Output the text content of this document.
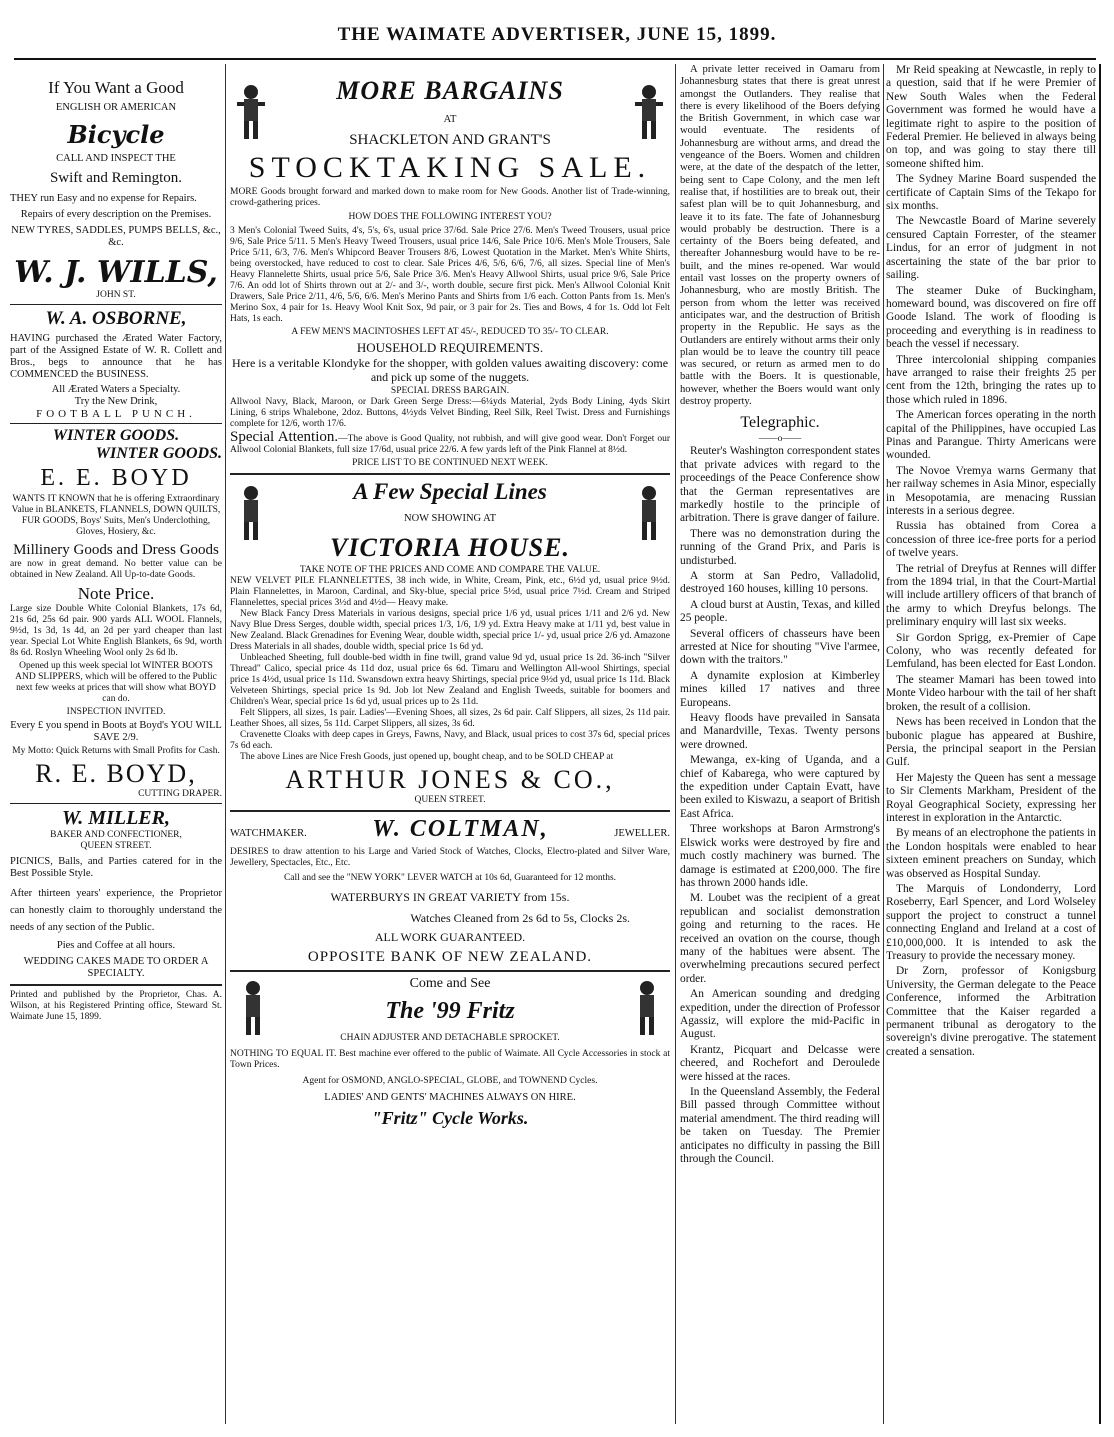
THE WAIMATE ADVERTISER, JUNE 15, 1899.
If You Want a Good
ENGLISH OR AMERICAN
Bicycle
CALL AND INSPECT THE
Swift and Remington.

THEY run Easy and no expense for Repairs.

Repairs of every description on the Premises.

NEW TYRES, SADDLES, PUMPS BELLS, &c., &c.

W. J. WILLS,
JOHN ST.
W. A. OSBORNE,

HAVING purchased the Ærated Water Factory, part of the Assigned Estate of W. R. Collett and Bros., begs to announce that he has COMMENCED the BUSINESS.

All Ærated Waters a Specialty.

Try the New Drink,

FOOTBALL PUNCH.

WINTER GOODS.
WINTER GOODS.
E. E. BOYD

WANTS IT KNOWN that he is offering Extraordinary Value in BLANKETS, FLANNELS, DOWN QUILTS, FUR GOODS, Boys' Suits, Men's Underclothing, Gloves, Hosiery, &c.

Millinery Goods and Dress Goods

are now in great demand. No better value can be obtained in New Zealand. All Up-to-date Goods.

Note Price.

Large size Double White Colonial Blankets, 17s 6d, 21s 6d, 25s 6d pair. 900 yards ALL WOOL Flannels, 9½d, 1s 3d, 1s 4d, an 2d per yard cheaper than last year. Special Lot White English Blankets, 6s 9d, worth 8s 6d. Roslyn Wheeling Wool only 2s 6d lb.

Opened up this week special lot WINTER BOOTS AND SLIPPERS, which will be offered to the Public next few weeks at prices that will show what BOYD can do.

INSPECTION INVITED.

Every £ you spend in Boots at Boyd's YOU WILL SAVE 2/9.

My Motto: Quick Returns with Small Profits for Cash.

R. E. BOYD,
CUTTING DRAPER.
W. MILLER,
BAKER AND CONFECTIONER,
QUEEN STREET.

PICNICS, Balls, and Parties catered for in the Best Possible Style.

After thirteen years' experience, the Proprietor can honestly claim to thoroughly understand the needs of any section of the Public.

Pies and Coffee at all hours.

WEDDING CAKES MADE TO ORDER A SPECIALTY.

Printed and published by the Proprietor, Chas. A. Wilson, at his Registered Printing office, Steward St. Waimate June 15, 1899.

MORE BARGAINS
AT
SHACKLETON AND GRANT'S
STOCKTAKING SALE.

MORE Goods brought forward and marked down to make room for New Goods. Another list of Trade-winning, crowd-gathering prices.

HOW DOES THE FOLLOWING INTEREST YOU?

3 Men's Colonial Tweed Suits, 4's, 5's, 6's, usual price 37/6d. Sale Price 27/6. Men's Tweed Trousers, usual price 9/6, Sale Price 5/11. 5 Men's Heavy Tweed Trousers, usual price 14/6, Sale Price 10/6. Men's Mole Trousers, Sale Price 5/11, 6/3, 7/6. Men's Whipcord Beaver Trousers 8/6, Lowest Quotation in the Market. Men's White Shirts, being overstocked, have reduced to cost to clear. Sale Prices 4/6, 5/6, 6/6, 7/6, all sizes. Special line of Men's Heavy Flannelette Shirts, usual price 5/6, Sale Price 3/6. Men's Heavy Allwool Shirts, usual price 9/6, Sale Price 7/6. An odd lot of Shirts thrown out at 2/- and 3/-, worth double, secure first pick. Men's Allwool Colonial Knit Drawers, Sale Price 2/11, 4/6, 5/6, 6/6. Men's Merino Pants and Shirts from 1/6 each. Cotton Pants from 1s. Men's Merino Sox, 4 pair for 1s. Heavy Wool Knit Sox, 9d pair, or 3 pair for 2s. Ties and Bows, 4 for 1s. Odd lot Felt Hats, 1s each.

A FEW MEN'S MACINTOSHES LEFT AT 45/-, REDUCED TO 35/- TO CLEAR.

HOUSEHOLD REQUIREMENTS.

Here is a veritable Klondyke for the shopper, with golden values awaiting discovery: come and pick up some of the nuggets.

SPECIAL DRESS BARGAIN.

Allwool Navy, Black, Maroon, or Dark Green Serge Dress:—6¼yds Material, 2yds Body Lining, 4yds Skirt Lining, 6 strips Whalebone, 2doz. Buttons, 4½yds Velvet Binding, Reel Silk, Reel Twist. Dress and Furnishings complete for 12/6, worth 17/6.

Special Attention.—The above is Good Quality, not rubbish, and will give good wear. Don't Forget our Allwool Colonial Blankets, full size 17/6d, usual price 22/6. A few yards left of the Pink Flannel at 8½d.

PRICE LIST TO BE CONTINUED NEXT WEEK.

A Few Special Lines
NOW SHOWING AT
VICTORIA HOUSE.

TAKE NOTE OF THE PRICES AND COME AND COMPARE THE VALUE.

NEW VELVET PILE FLANNELETTES, 38 inch wide, in White, Cream, Pink, etc., 6½d yd, usual price 9½d. Plain Flannelettes, in Maroon, Cardinal, and Sky-blue, special price 5½d, usual price 7½d. Cream and Striped Flannelettes, special prices 3½d and 4½d— Heavy make.

New Black Fancy Dress Materials in various designs, special price 1/6 yd, usual prices 1/11 and 2/6 yd. New Navy Blue Dress Serges, double width, special prices 1/3, 1/6, 1/9 yd. Extra Heavy make at 1/11 yd, best value in New Zealand. Black Grenadines for Evening Wear, double width, special price 1/- yd, usual price 2/6 yd. Amazone Dress Materials in all shades, double width, special price 1s 6d yd.

Unbleached Sheeting, full double-bed width in fine twill, grand value 9d yd, usual price 1s 2d. 36-inch "Silver Thread" Calico, special price 4s 11d doz, usual price 6s 6d. Timaru and Wellington All-wool Shirtings, special price 1s 4½d, usual price 1s 11d. Swansdown extra heavy Shirtings, special price 9½d yd, usual price 1s 11d. Black Velveteen Shirtings, special price 1s 9d. Job lot New Zealand and English Tweeds, suitable for boomers and Children's Wear, special price 1s 6d yd, usual prices up to 2s 11d.

Felt Slippers, all sizes, 1s pair. Ladies'—Evening Shoes, all sizes, 2s 6d pair. Calf Slippers, all sizes, 2s 11d pair. Leather Shoes, all sizes, 5s 11d. Carpet Slippers, all sizes, 3s 6d.

Cravenette Cloaks with deep capes in Greys, Fawns, Navy, and Black, usual prices to cost 37s 6d, special prices 7s 6d each.

The above Lines are Nice Fresh Goods, just opened up, bought cheap, and to be SOLD CHEAP at

ARTHUR JONES & CO.,
QUEEN STREET.
WATCHMAKER.	W. COLTMAN,	JEWELLER.

DESIRES to draw attention to his Large and Varied Stock of Watches, Clocks, Electro-plated and Silver Ware, Jewellery, Spectacles, Etc., Etc.

Call and see the "NEW YORK" LEVER WATCH at 10s 6d, Guaranteed for 12 months.

WATERBURYS IN GREAT VARIETY from 15s.

Watches Cleaned from 2s 6d to 5s, Clocks 2s.

ALL WORK GUARANTEED.

OPPOSITE BANK OF NEW ZEALAND.
Come and See
The '99 Fritz

CHAIN ADJUSTER AND DETACHABLE SPROCKET.

NOTHING TO EQUAL IT. Best machine ever offered to the public of Waimate. All Cycle Accessories in stock at Town Prices.

Agent for OSMOND, ANGLO-SPECIAL, GLOBE, and TOWNEND Cycles.

LADIES' AND GENTS' MACHINES ALWAYS ON HIRE.

"Fritz" Cycle Works.

A private letter received in Oamaru from Johannesburg states that there is great unrest amongst the Outlanders. They realise that there is every likelihood of the Boers defying the British Government, in which case war would eventuate. The residents of Johannesburg are without arms, and dread the vengeance of the Boers. Women and children were, at the date of the despatch of the letter, being sent to Cape Colony, and the men left realise that, if hostilities are to break out, their safest plan will be to quit Johannesburg, and leave it to its fate. The fate of Johannesburg would probably be destruction. There is a certainty of the Boers being defeated, and thereafter Johannesburg would have to be re-built, and the mines re-opened. War would entail vast losses on the property owners of Johannesburg, who are mostly British. The person from whom the letter was received anticipates war, and the destruction of British property in the Republic. He says as the Outlanders are entirely without arms their only plan would be to leave the country till peace was secured, or return as armed men to do battle with the Boers. It is questionable, however, whether the Boers would want only destroy property.

Telegraphic.
——o——

Reuter's Washington correspondent states that private advices with regard to the proceedings of the Peace Conference show that the German representatives are markedly hostile to the principle of arbitration. There is grave danger of failure.

There was no demonstration during the running of the Grand Prix, and Paris is undisturbed.

A storm at San Pedro, Valladolid, destroyed 160 houses, killing 10 persons.

A cloud burst at Austin, Texas, and killed 25 people.

Several officers of chasseurs have been arrested at Nice for shouting "Vive l'armee, down with the traitors."

A dynamite explosion at Kimberley mines killed 17 natives and three Europeans.

Heavy floods have prevailed in Sansata and Manardville, Texas. Twenty persons were drowned.

Mewanga, ex-king of Uganda, and a chief of Kabarega, who were captured by the expedition under Captain Evatt, have been exiled to Kiswazu, a seaport of British East Africa.

Three workshops at Baron Armstrong's Elswick works were destroyed by fire and much costly machinery was burned. The damage is estimated at £200,000. The fire has thrown 2000 hands idle.

M. Loubet was the recipient of a great republican and socialist demonstration going and returning to the races. He received an ovation on the course, though many of the habitues were absent. The overwhelming precautions secured perfect order.

An American sounding and dredging expedition, under the direction of Professor Agassiz, will explore the mid-Pacific in August.

Krantz, Picquart and Delcasse were cheered, and Rochefort and Deroulede were hissed at the races.

In the Queensland Assembly, the Federal Bill passed through Committee without material amendment. The third reading will be taken on Tuesday. The Premier anticipates no difficulty in passing the Bill through the Council.

Mr Reid speaking at Newcastle, in reply to a question, said that if he were Premier of New South Wales when the Federal Government was formed he would have a legitimate right to aspire to the position of Federal Premier. He believed in always being on top, and was going to stay there till someone shifted him.

The Sydney Marine Board suspended the certificate of Captain Sims of the Tekapo for six months.

The Newcastle Board of Marine severely censured Captain Forrester, of the steamer Lindus, for an error of judgment in not ascertaining the state of the bar prior to sailing.

The steamer Duke of Buckingham, homeward bound, was discovered on fire off Goode Island. The work of flooding is proceeding and everything is in readiness to beach the vessel if necessary.

Three intercolonial shipping companies have arranged to raise their freights 25 per cent from the 12th, bringing the rates up to those which ruled in 1896.

The American forces operating in the north capital of the Philippines, have occupied Las Pinas and Parangue. Thirty Americans were wounded.

The Novoe Vremya warns Germany that her railway schemes in Asia Minor, especially in Mesopotamia, are menacing Russian interests in a serious degree.

Russia has obtained from Corea a concession of three ice-free ports for a period of twelve years.

The retrial of Dreyfus at Rennes will differ from the 1894 trial, in that the Court-Martial will include artillery officers of that branch of the army to which Dreyfus belongs. The preliminary enquiry will last six weeks.

Sir Gordon Sprigg, ex-Premier of Cape Colony, who was recently defeated for Lemfuland, has been elected for East London.

The steamer Mamari has been towed into Monte Video harbour with the tail of her shaft broken, the result of a collision.

News has been received in London that the bubonic plague has appeared at Bushire, Persia, the principal seaport in the Persian Gulf.

Her Majesty the Queen has sent a message to Sir Clements Markham, President of the Royal Geographical Society, expressing her interest in exploration in the Antarctic.

By means of an electrophone the patients in the London hospitals were enabled to hear sixteen eminent preachers on Sunday, which was observed as Hospital Sunday.

The Marquis of Londonderry, Lord Roseberry, Earl Spencer, and Lord Wolseley support the project to construct a tunnel connecting England and Ireland at a cost of £10,000,000. It is intended to ask the Treasury to provide the necessary money.

Dr Zorn, professor of Konigsburg University, the German delegate to the Peace Conference, informed the Arbitration Committee that the Kaiser regarded a permanent tribunal as derogatory to the sovereign's divine prerogative. The statement created a sensation.
